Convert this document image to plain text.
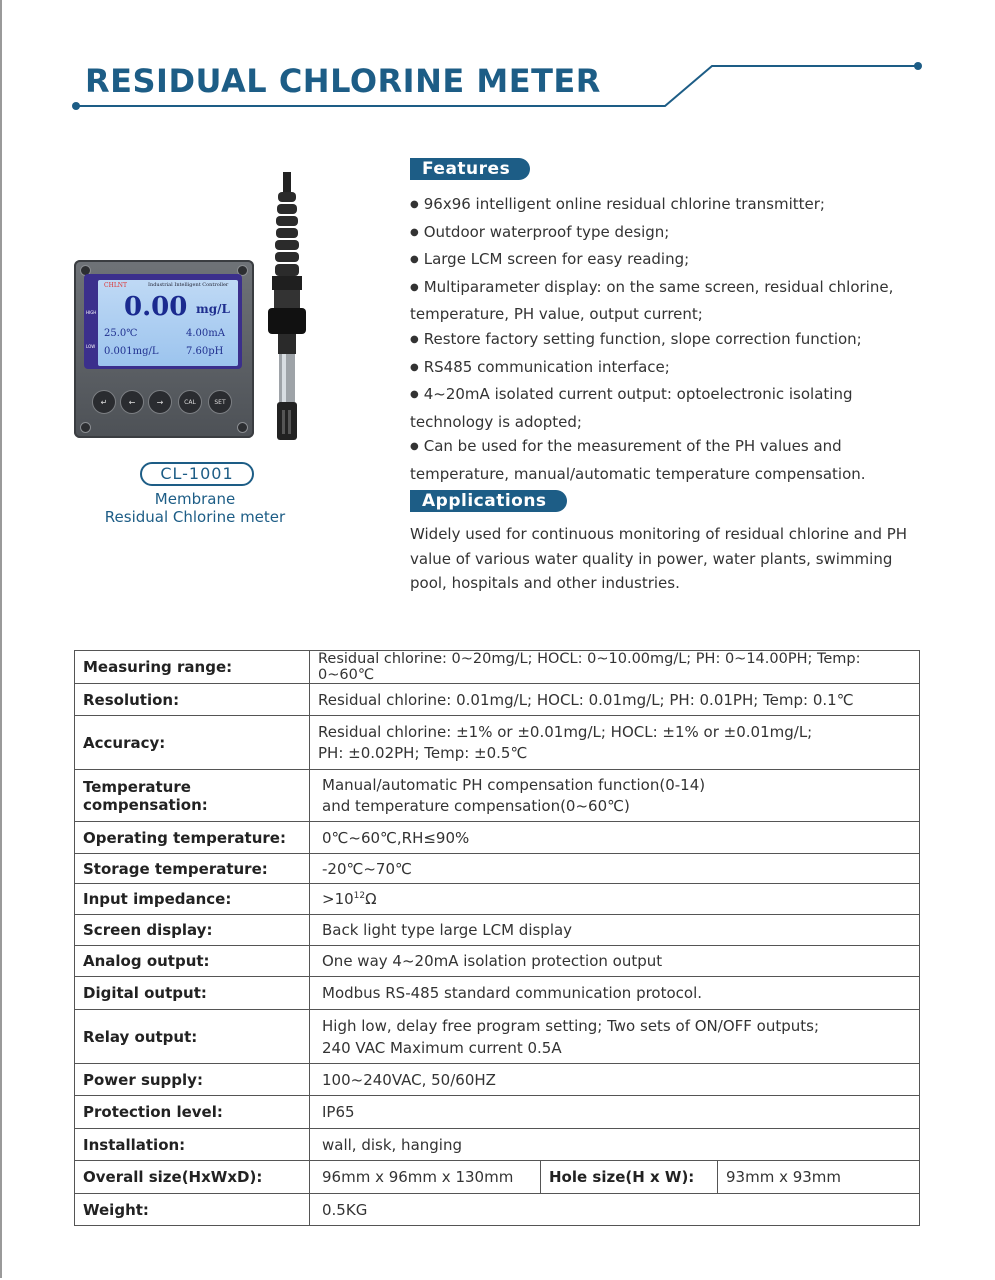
RESIDUAL CHLORINE METER
HIGH
LOW
CHLNT	Industrial Intelligent Controller
0.00 mg/L
25.0℃	4.00mA
0.001mg/L	7.60pH
↵	←	→	CAL	SET
CL-1001
Membrane
Residual Chlorine meter
Features
● 96x96 intelligent online residual chlorine transmitter;
● Outdoor waterproof type design;
● Large LCM screen for easy reading;
● Multiparameter display: on the same screen, residual chlorine, temperature, PH value, output current;
● Restore factory setting function, slope correction function;
● RS485 communication interface;
● 4~20mA isolated current output: optoelectronic isolating technology is adopted;
● Can be used for the measurement of the PH values and temperature, manual/automatic temperature compensation.
Applications
Widely used for continuous monitoring of residual chlorine and PH value of various water quality in power, water plants, swimming pool, hospitals and other industries.
Measuring range:	Residual chlorine: 0~20mg/L; HOCL: 0~10.00mg/L; PH: 0~14.00PH; Temp: 0~60℃		
Resolution:	Residual chlorine: 0.01mg/L; HOCL: 0.01mg/L; PH: 0.01PH; Temp: 0.1℃		
Accuracy:	Residual chlorine: ±1% or ±0.01mg/L; HOCL: ±1% or ±0.01mg/L;
PH: ±0.02PH; Temp: ±0.5℃		

Temperature compensation:	Manual/automatic PH compensation function(0-14)
and temperature compensation(0~60℃)		

Operating temperature:	0℃~60℃,RH≤90%		
Storage temperature:	-20℃~70℃		
Input impedance:	$>10^{12}\Omega$		
Screen display:	Back light type large LCM display		
Analog output:	One way 4~20mA isolation protection output		
Digital output:	Modbus RS-485 standard communication protocol.		
Relay output:	High low, delay free program setting; Two sets of ON/OFF outputs;
240 VAC Maximum current 0.5A		

Power supply:	100~240VAC, 50/60HZ		
Protection level:	IP65		
Installation:	wall, disk, hanging		
Overall size(HxWxD):	96mm x 96mm x 130mm	Hole size(H x W):	93mm x 93mm
Weight:	0.5KG		
